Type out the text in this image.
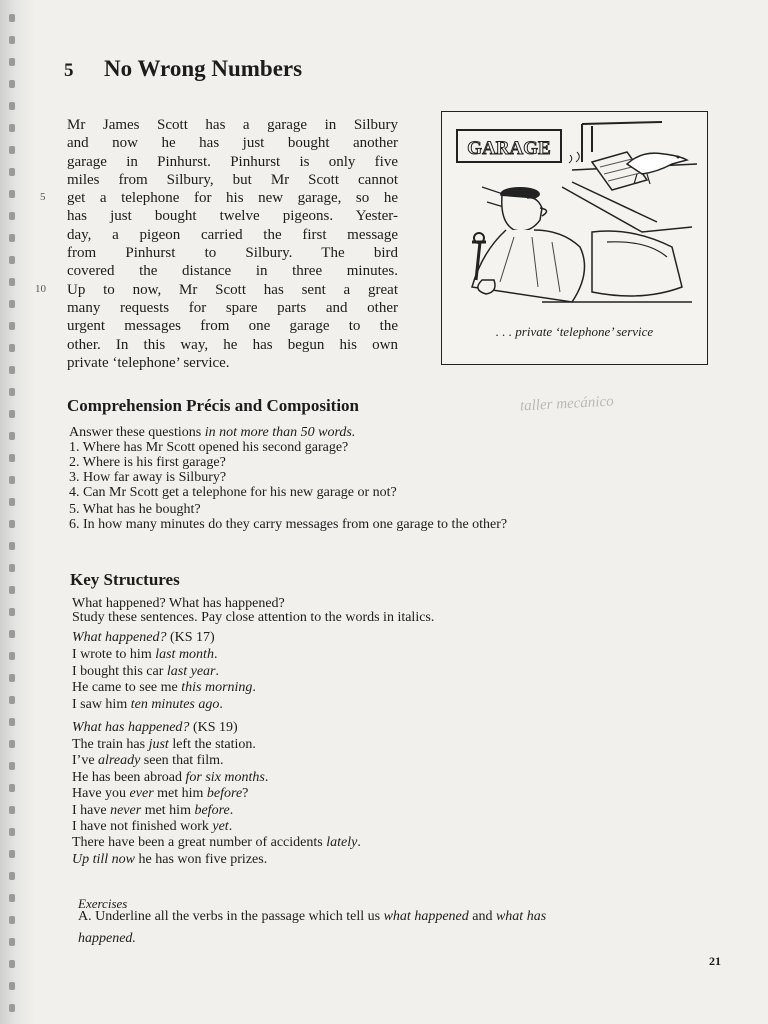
5 No Wrong Numbers
Mr James Scott has a garage in Silbury
and now he has just bought another
garage in Pinhurst. Pinhurst is only five
miles from Silbury, but Mr Scott cannot
get a telephone for his new garage, so he
has just bought twelve pigeons. Yester-
day, a pigeon carried the first message
from Pinhurst to Silbury. The bird
covered the distance in three minutes.
Up to now, Mr Scott has sent a great
many requests for spare parts and other
urgent messages from one garage to the
other. In this way, he has begun his own
private ‘telephone’ service.
5
10
GARAGE
. . . private ‘telephone’ service
Comprehension Précis and Composition	taller mecánico
Answer these questions in not more than 50 words.
1. Where has Mr Scott opened his second garage?
2. Where is his first garage?
3. How far away is Silbury?
4. Can Mr Scott get a telephone for his new garage or not?
5. What has he bought?
6. In how many minutes do they carry messages from one garage to the other?
Key Structures
What happened? What has happened?
Study these sentences. Pay close attention to the words in italics.
What happened? (KS 17)
I wrote to him last month.
I bought this car last year.
He came to see me this morning.
I saw him ten minutes ago.
What has happened? (KS 19)
The train has just left the station.
I’ve already seen that film.
He has been abroad for six months.
Have you ever met him before?
I have never met him before.
I have not finished work yet.
There have been a great number of accidents lately.
Up till now he has won five prizes.
Exercises
A. Underline all the verbs in the passage which tell us what happened and what has
happened.
21
